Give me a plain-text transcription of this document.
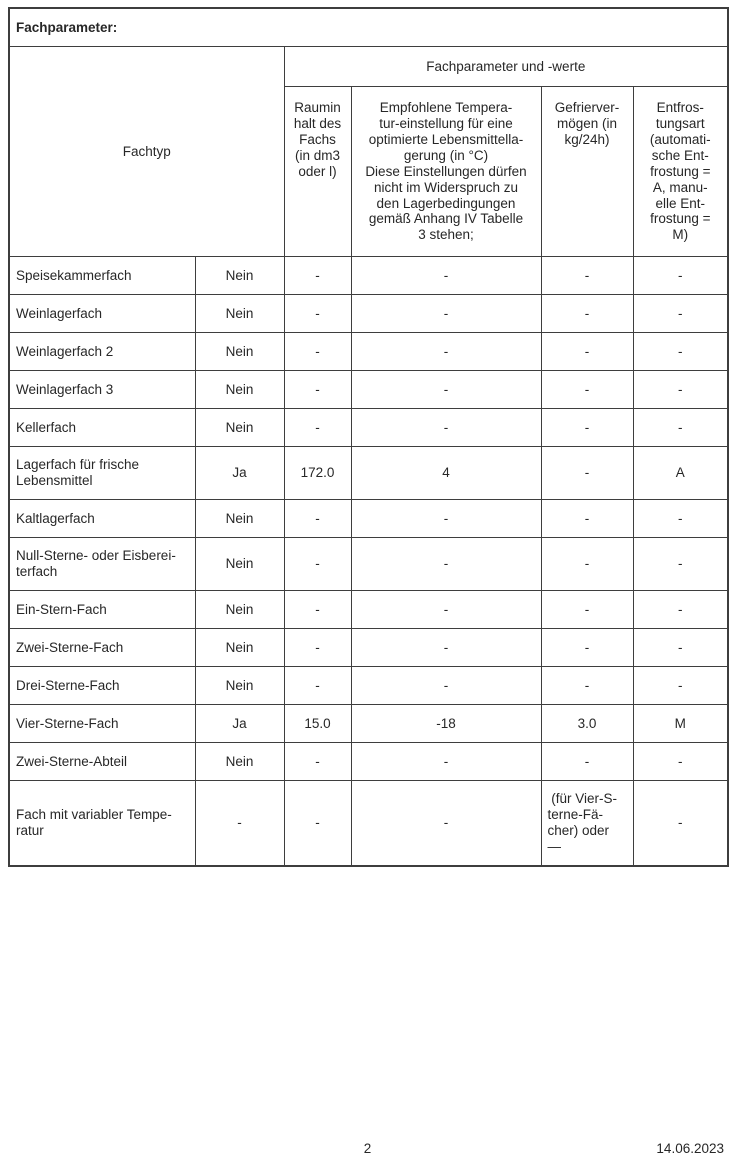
Fachparameter:					
Fachtyp		Fachparameter und -werte			
Raumin
halt des
Fachs
(in dm3
oder l)	Empfohlene Tempera-
tur-einstellung für eine
optimierte Lebensmittella-
gerung (in °C)
Diese Einstellungen dürfen
nicht im Widerspruch zu
den Lagerbedingungen
gemäß Anhang IV Tabelle
3 stehen;	Gefrierver-
mögen (in
kg/24h)	Entfros-
tungsart
(automati-
sche Ent-
frostung =
A, manu-
elle Ent-
frostung =
M)
Speisekammerfach	Nein	-	-	-	-
Weinlagerfach	Nein	-	-	-	-
Weinlagerfach 2	Nein	-	-	-	-
Weinlagerfach 3	Nein	-	-	-	-
Kellerfach	Nein	-	-	-	-
Lagerfach für frische
Lebensmittel	Ja	172.0	4	-	A
Kaltlagerfach	Nein	-	-	-	-
Null-Sterne- oder Eisberei-
terfach	Nein	-	-	-	-
Ein-Stern-Fach	Nein	-	-	-	-
Zwei-Sterne-Fach	Nein	-	-	-	-
Drei-Sterne-Fach	Nein	-	-	-	-
Vier-Sterne-Fach	Ja	15.0	-18	3.0	M
Zwei-Sterne-Abteil	Nein	-	-	-	-
Fach mit variabler Tempe-
ratur	-	-	-	(für Vier-S-
terne-Fä-
cher) oder
—	-
2	14.06.2023
